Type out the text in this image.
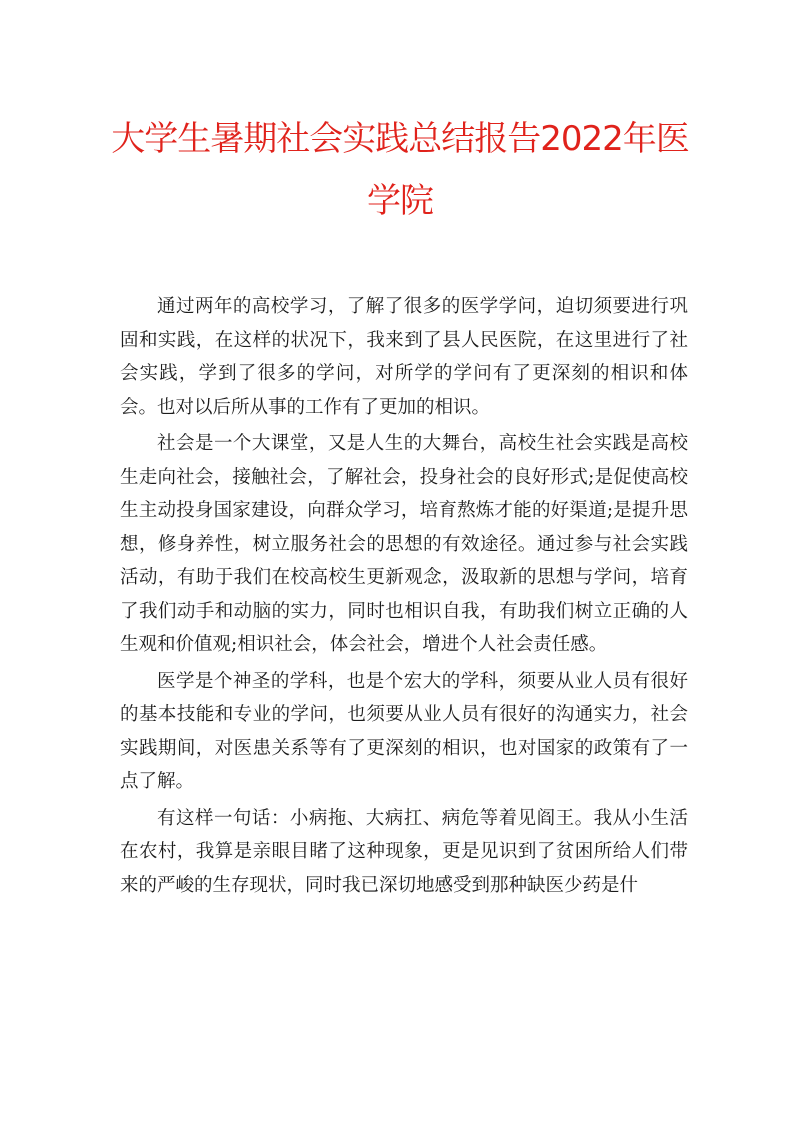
大学生暑期社会实践总结报告2022年医学院

通过两年的高校学习，了解了很多的医学学问，迫切须要进行巩固和实践，在这样的状况下，我来到了县人民医院，在这里进行了社会实践，学到了很多的学问，对所学的学问有了更深刻的相识和体会。也对以后所从事的工作有了更加的相识。

社会是一个大课堂，又是人生的大舞台，高校生社会实践是高校生走向社会，接触社会，了解社会，投身社会的良好形式;是促使高校生主动投身国家建设，向群众学习，培育熬炼才能的好渠道;是提升思想，修身养性，树立服务社会的思想的有效途径。通过参与社会实践活动，有助于我们在校高校生更新观念，汲取新的思想与学问，培育了我们动手和动脑的实力，同时也相识自我，有助我们树立正确的人生观和价值观;相识社会，体会社会，增进个人社会责任感。

医学是个神圣的学科，也是个宏大的学科，须要从业人员有很好的基本技能和专业的学问，也须要从业人员有很好的沟通实力，社会实践期间，对医患关系等有了更深刻的相识，也对国家的政策有了一点了解。

有这样一句话：小病拖、大病扛、病危等着见阎王。我从小生活在农村，我算是亲眼目睹了这种现象，更是见识到了贫困所给人们带来的严峻的生存现状，同时我已深切地感受到那种缺医少药是什
